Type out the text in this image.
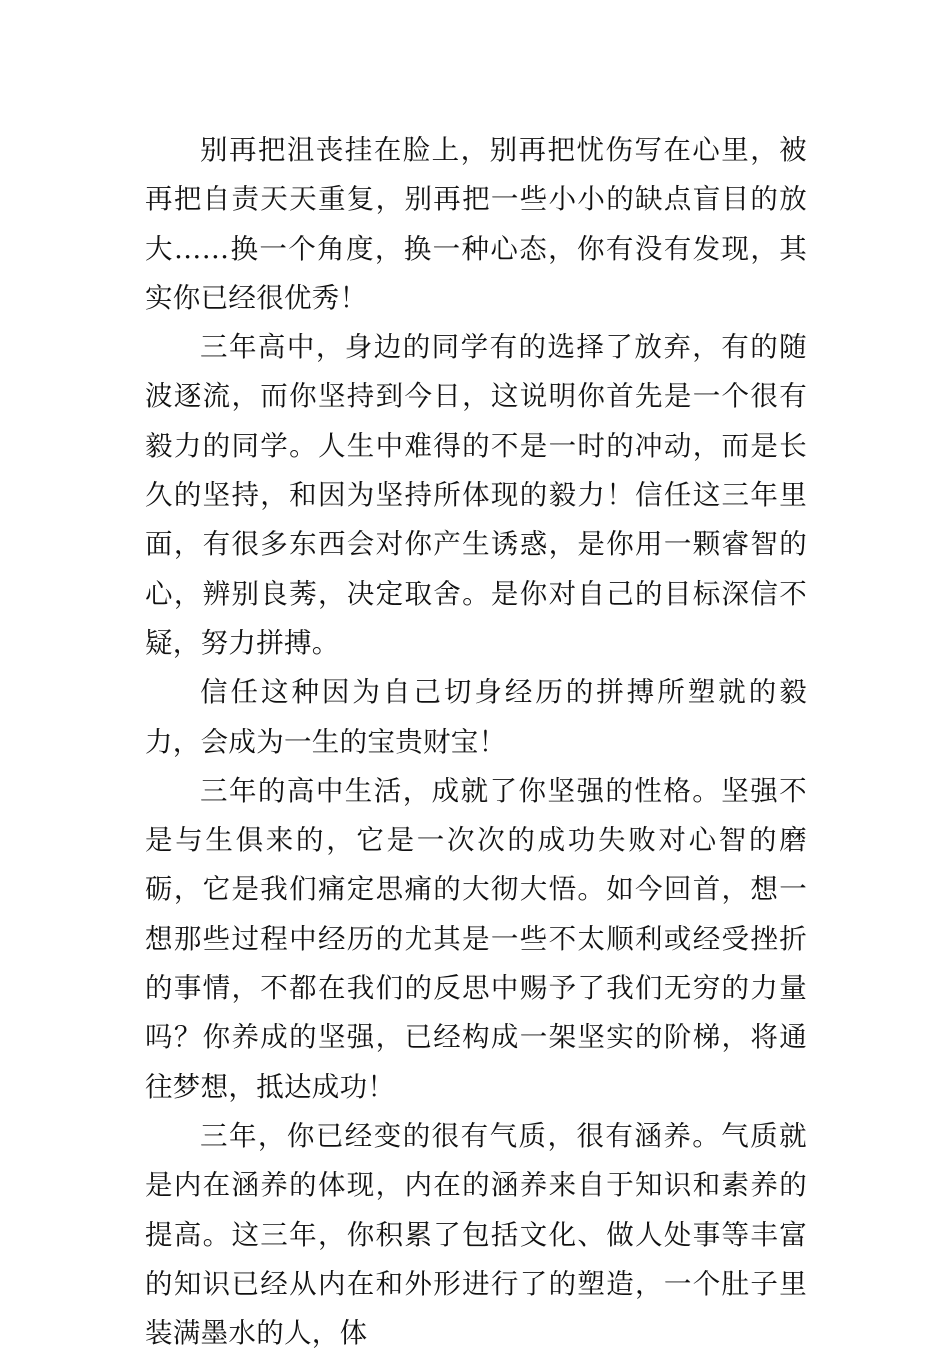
别再把沮丧挂在脸上，别再把忧伤写在心里，被再把自责天天重复，别再把一些小小的缺点盲目的放大……换一个角度，换一种心态，你有没有发现，其实你已经很优秀！

三年高中，身边的同学有的选择了放弃，有的随波逐流，而你坚持到今日，这说明你首先是一个很有毅力的同学。人生中难得的不是一时的冲动，而是长久的坚持，和因为坚持所体现的毅力！信任这三年里面，有很多东西会对你产生诱惑，是你用一颗睿智的心，辨别良莠，决定取舍。是你对自己的目标深信不疑，努力拼搏。

信任这种因为自己切身经历的拼搏所塑就的毅力，会成为一生的宝贵财宝！

三年的高中生活，成就了你坚强的性格。坚强不是与生俱来的，它是一次次的成功失败对心智的磨砺，它是我们痛定思痛的大彻大悟。如今回首，想一想那些过程中经历的尤其是一些不太顺利或经受挫折的事情，不都在我们的反思中赐予了我们无穷的力量吗？你养成的坚强，已经构成一架坚实的阶梯，将通往梦想，抵达成功！

三年，你已经变的很有气质，很有涵养。气质就是内在涵养的体现，内在的涵养来自于知识和素养的提高。这三年，你积累了包括文化、做人处事等丰富的知识已经从内在和外形进行了的塑造，一个肚子里装满墨水的人，体
